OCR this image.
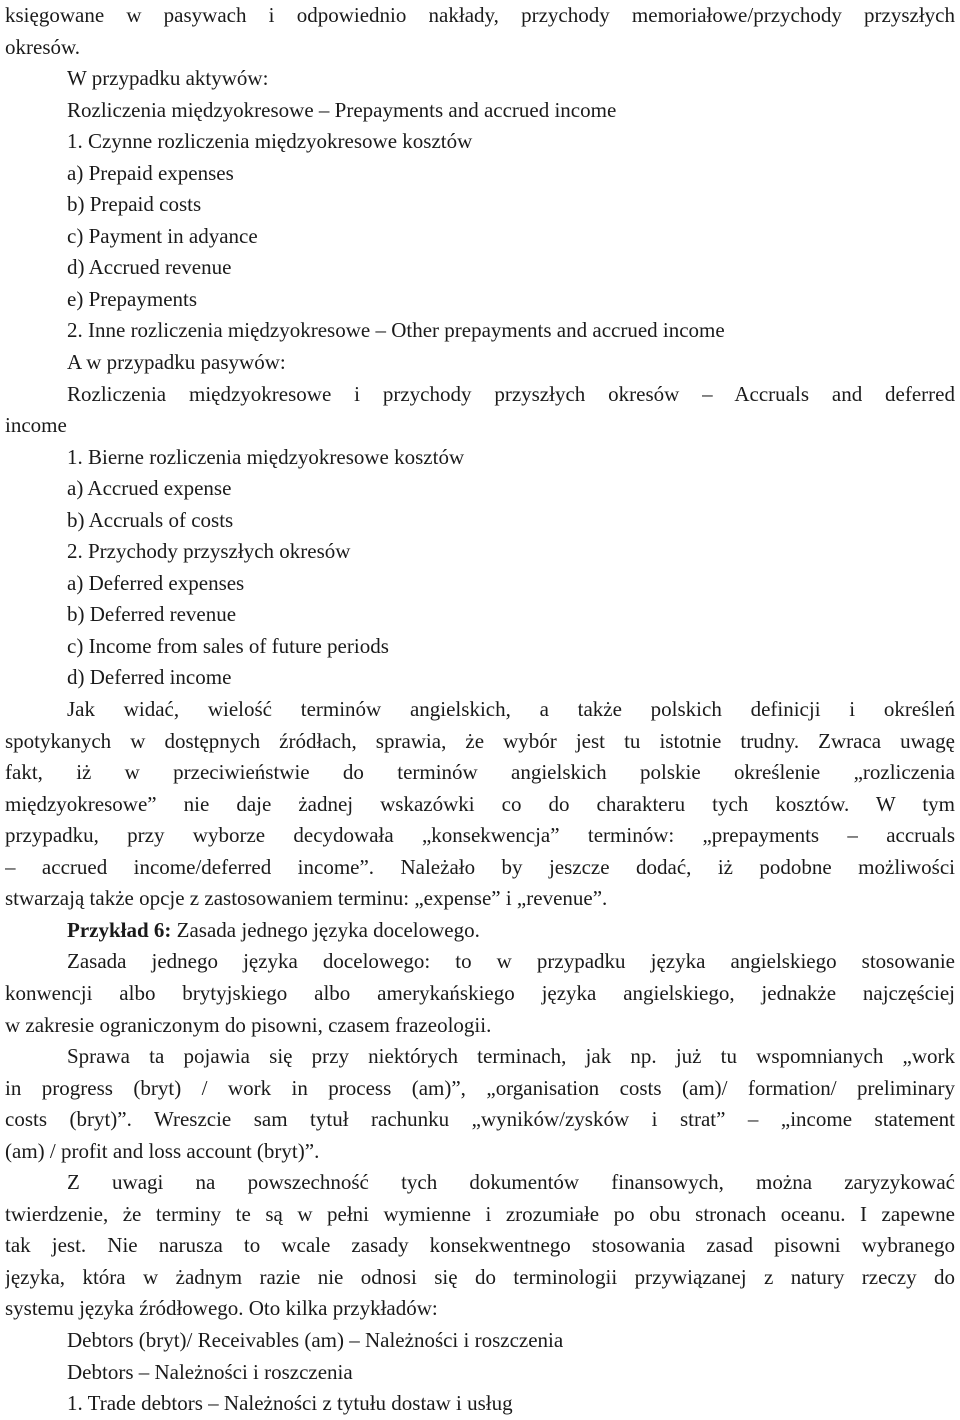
księgowane w pasywach i odpowiednio nakłady, przychody memoriałowe/przychody przyszłych
okresów.
W przypadku aktywów:
Rozliczenia międzyokresowe – Prepayments and accrued income
1. Czynne rozliczenia międzyokresowe kosztów
a) Prepaid expenses
b) Prepaid costs
c) Payment in adyance
d) Accrued revenue
e) Prepayments
2. Inne rozliczenia międzyokresowe – Other prepayments and accrued income
A w przypadku pasywów:
Rozliczenia międzyokresowe i przychody przyszłych okresów – Accruals and deferred
income
1. Bierne rozliczenia międzyokresowe kosztów
a) Accrued expense
b) Accruals of costs
2. Przychody przyszłych okresów
a) Deferred expenses
b) Deferred revenue
c) Income from sales of future periods
d) Deferred income
Jak widać, wielość terminów angielskich, a także polskich definicji i określeń
spotykanych w dostępnych źródłach, sprawia, że wybór jest tu istotnie trudny. Zwraca uwagę
fakt, iż w przeciwieństwie do terminów angielskich polskie określenie „rozliczenia
międzyokresowe” nie daje żadnej wskazówki co do charakteru tych kosztów. W tym
przypadku, przy wyborze decydowała „konsekwencja” terminów: „prepayments – accruals
– accrued income/deferred income”. Należało by jeszcze dodać, iż podobne możliwości
stwarzają także opcje z zastosowaniem terminu: „expense” i „revenue”.
Przykład 6: Zasada jednego języka docelowego.
Zasada jednego języka docelowego: to w przypadku języka angielskiego stosowanie
konwencji albo brytyjskiego albo amerykańskiego języka angielskiego, jednakże najczęściej
w zakresie ograniczonym do pisowni, czasem frazeologii.
Sprawa ta pojawia się przy niektórych terminach, jak np. już tu wspomnianych „work
in progress (bryt) / work in process (am)”, „organisation costs (am)/ formation/ preliminary
costs (bryt)”. Wreszcie sam tytuł rachunku „wyników/zysków i strat” – „income statement
(am) / profit and loss account (bryt)”.
Z uwagi na powszechność tych dokumentów finansowych, można zaryzykować
twierdzenie, że terminy te są w pełni wymienne i zrozumiałe po obu stronach oceanu. I zapewne
tak jest. Nie narusza to wcale zasady konsekwentnego stosowania zasad pisowni wybranego
języka, która w żadnym razie nie odnosi się do terminologii przywiązanej z natury rzeczy do
systemu języka źródłowego. Oto kilka przykładów:
Debtors (bryt)/ Receivables (am) – Należności i roszczenia
Debtors – Należności i roszczenia
1. Trade debtors – Należności z tytułu dostaw i usług
